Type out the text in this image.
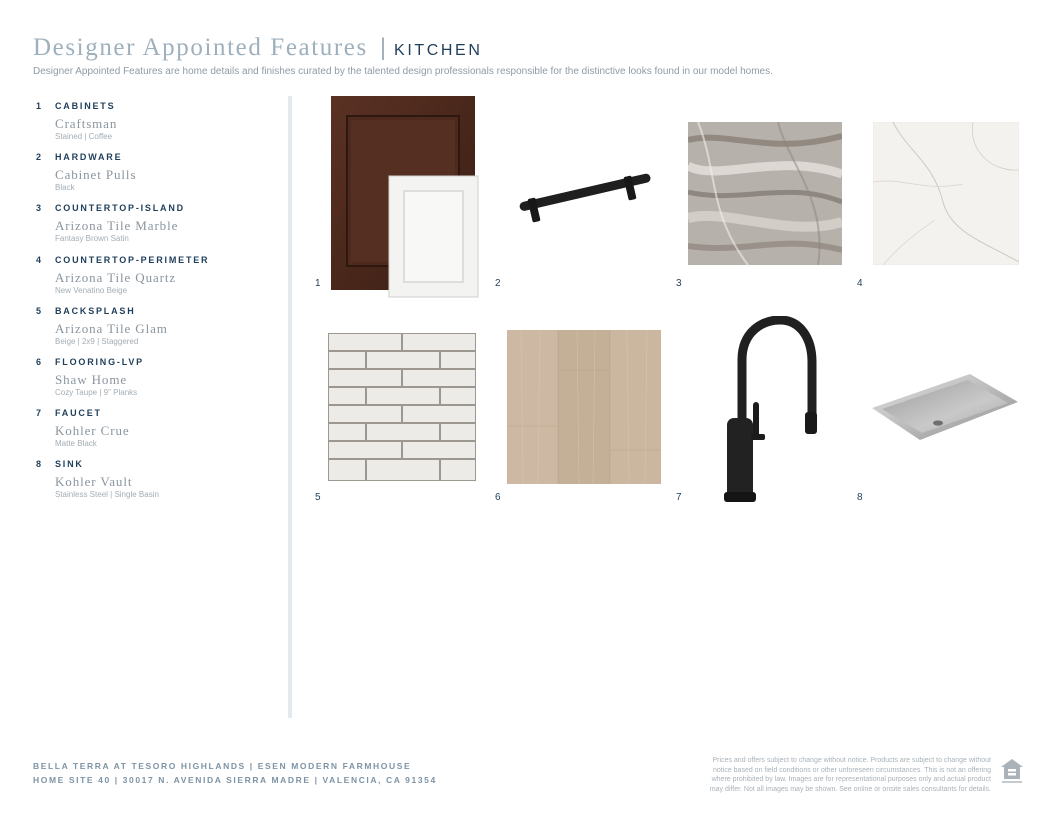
Designer Appointed Features | KITCHEN
Designer Appointed Features are home details and finishes curated by the talented design professionals responsible for the distinctive looks found in our model homes.
1	CABINETS
Craftsman
Stained | Coffee
2	HARDWARE
Cabinet Pulls
Black
3	COUNTERTOP-ISLAND
Arizona Tile Marble
Fantasy Brown Satin
4	COUNTERTOP-PERIMETER
Arizona Tile Quartz
New Venatino Beige
5	BACKSPLASH
Arizona Tile Glam
Beige | 2x9 | Staggered
6	FLOORING-LVP
Shaw Home
Cozy Taupe | 9" Planks
7	FAUCET
Kohler Crue
Matte Black
8	SINK
Kohler Vault
Stainless Steel | Single Basin
1	2	3	4
5	6	7	8
BELLA TERRA AT TESORO HIGHLANDS | ESEN MODERN FARMHOUSE
HOME SITE 40 | 30017 N. AVENIDA SIERRA MADRE | VALENCIA, CA 91354
Prices and offers subject to change without notice. Products are subject to change without
notice based on field conditions or other unforeseen circumstances. This is not an offering
where prohibited by law. Images are for representational purposes only and actual product
may differ. Not all images may be shown. See online or onsite sales consultants for details.
